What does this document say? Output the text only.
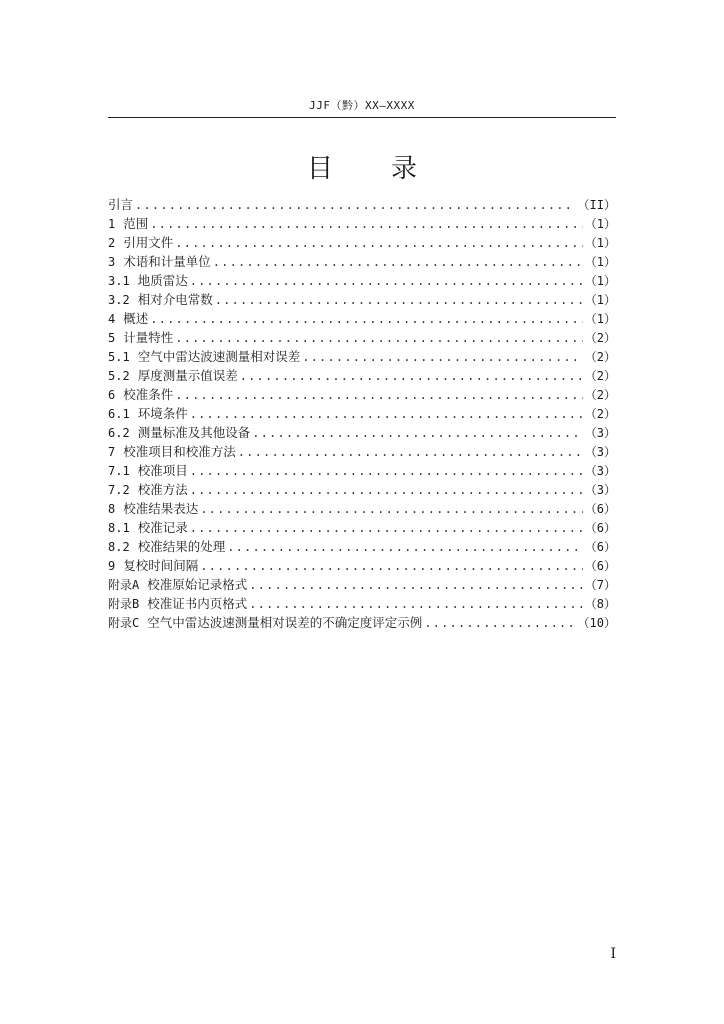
JJF（黔）XX—XXXX
目录
引言 .....	（II）
1 范围 .....	（1）
2 引用文件 .....	（1）
3 术语和计量单位 .....	（1）
3.1 地质雷达 .....	（1）
3.2 相对介电常数 .....	（1）
4 概述 .....	（1）
5 计量特性 .....	（2）
5.1 空气中雷达波速测量相对误差 .....	（2）
5.2 厚度测量示值误差 .....	（2）
6 校准条件 .....	（2）
6.1 环境条件 .....	（2）
6.2 测量标准及其他设备 .....	（3）
7 校准项目和校准方法 .....	（3）
7.1 校准项目 .....	（3）
7.2 校准方法 .....	（3）
8 校准结果表达 .....	（6）
8.1 校准记录 .....	（6）
8.2 校准结果的处理 .....	（6）
9 复校时间间隔 .....	（6）
附录A 校准原始记录格式 .....	（7）
附录B 校准证书内页格式 .....	（8）
附录C 空气中雷达波速测量相对误差的不确定度评定示例 .....	（10）
I
